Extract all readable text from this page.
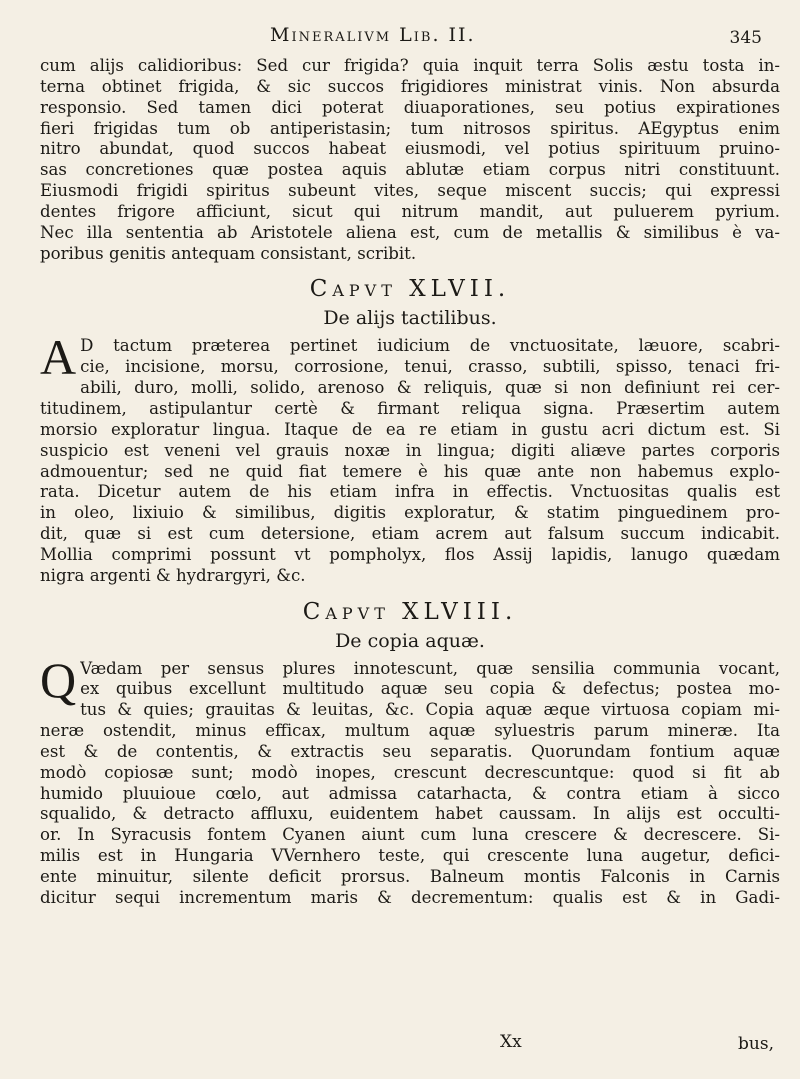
Mineralivm Lib. II.	345
cum alijs calidioribus: Sed cur frigida? quia inquit terra Solis æstu tosta in-
terna obtinet frigida, & sic succos frigidiores ministrat vinis. Non absurda
responsio. Sed tamen dici poterat diuaporationes, seu potius expirationes
fieri frigidas tum ob antiperistasin; tum nitrosos spiritus. AEgyptus enim
nitro abundat, quod succos habeat eiusmodi, vel potius spirituum pruino-
sas concretiones quæ postea aquis ablutæ etiam corpus nitri constituunt.
Eiusmodi frigidi spiritus subeunt vites, seque miscent succis; qui expressi
dentes frigore afficiunt, sicut qui nitrum mandit, aut puluerem pyrium.
Nec illa sententia ab Aristotele aliena est, cum de metallis & similibus è va-
poribus genitis antequam consistant, scribit.
Capvt XLVII.
De alijs tactilibus.
A D tactum præterea pertinet iudicium de vnctuositate, læuore, scabri-
cie, incisione, morsu, corrosione, tenui, crasso, subtili, spisso, tenaci fri-
abili, duro, molli, solido, arenoso & reliquis, quæ si non definiunt rei cer-
titudinem, astipulantur certè & firmant reliqua signa. Præsertim autem
morsio exploratur lingua. Itaque de ea re etiam in gustu acri dictum est. Si
suspicio est veneni vel grauis noxæ in lingua; digiti aliæve partes corporis
admouentur; sed ne quid fiat temere è his quæ ante non habemus explo-
rata. Dicetur autem de his etiam infra in effectis. Vnctuositas qualis est
in oleo, lixiuio & similibus, digitis exploratur, & statim pinguedinem pro-
dit, quæ si est cum detersione, etiam acrem aut falsum succum indicabit.
Mollia comprimi possunt vt pompholyx, flos Assij lapidis, lanugo quædam
nigra argenti & hydrargyri, &c.
Capvt XLVIII.
De copia aquæ.
Q Vædam per sensus plures innotescunt, quæ sensilia communia vocant,
ex quibus excellunt multitudo aquæ seu copia & defectus; postea mo-
tus & quies; grauitas & leuitas, &c. Copia aquæ æque virtuosa copiam mi-
neræ ostendit, minus efficax, multum aquæ syluestris parum mineræ. Ita
est & de contentis, & extractis seu separatis. Quorundam fontium aquæ
modò copiosæ sunt; modò inopes, crescunt decrescuntque: quod si fit ab
humido pluuioue cœlo, aut admissa catarhacta, & contra etiam à sicco
squalido, & detracto affluxu, euidentem habet caussam. In alijs est occulti-
or. In Syracusis fontem Cyanen aiunt cum luna crescere & decrescere. Si-
milis est in Hungaria VVernhero teste, qui crescente luna augetur, defici-
ente minuitur, silente deficit prorsus. Balneum montis Falconis in Carnis
dicitur sequi incrementum maris & decrementum: qualis est & in Gadi-
Xx	bus,
